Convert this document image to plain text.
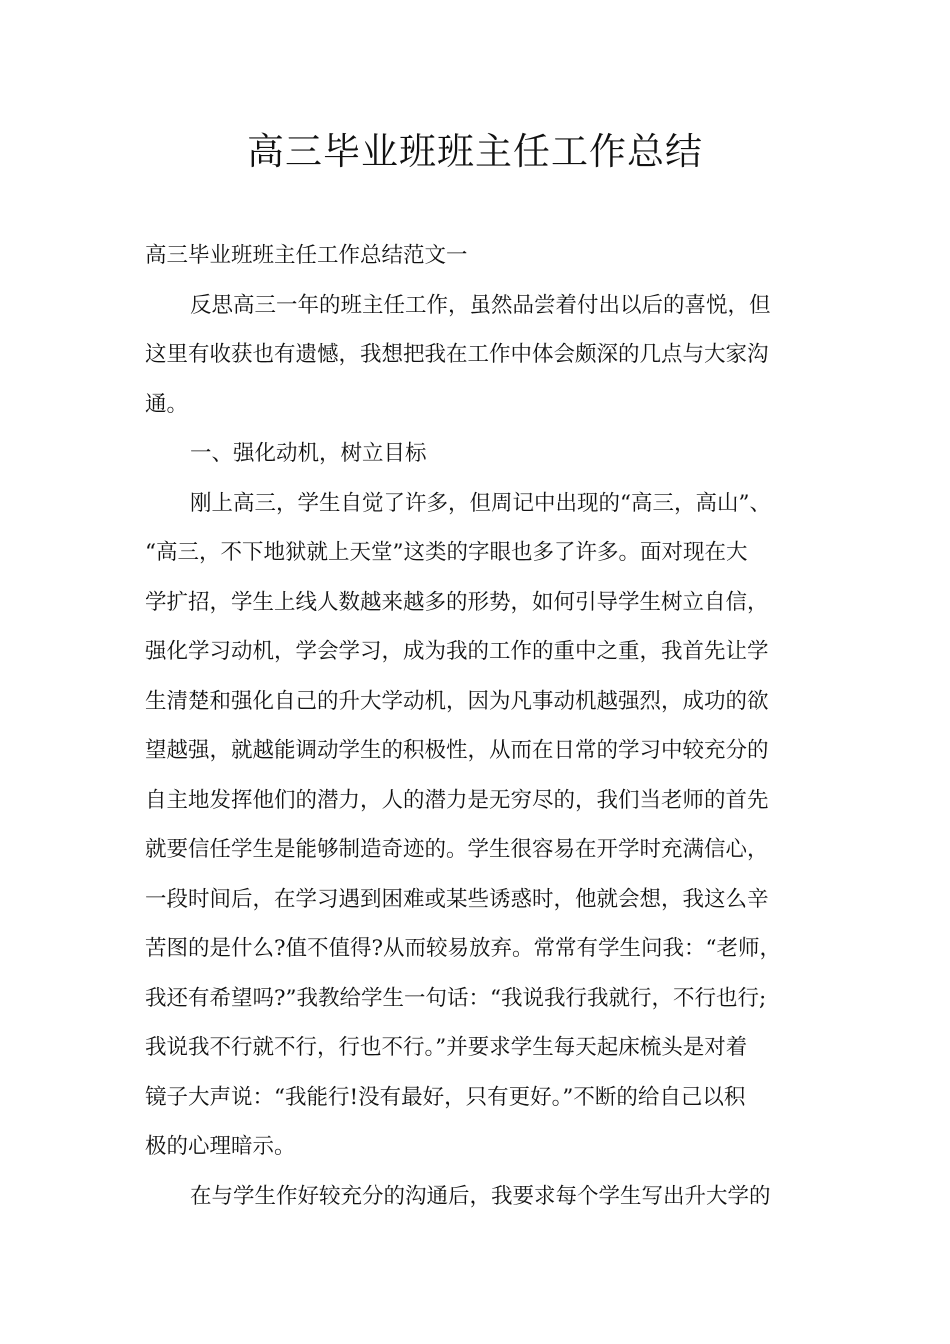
高三毕业班班主任工作总结

高三毕业班班主任工作总结范文一

反思高三一年的班主任工作，虽然品尝着付出以后的喜悦，但

这里有收获也有遗憾，我想把我在工作中体会颇深的几点与大家沟

通。

一、强化动机，树立目标

刚上高三，学生自觉了许多，但周记中出现的“高三，高山”、

“高三，不下地狱就上天堂”这类的字眼也多了许多。面对现在大

学扩招，学生上线人数越来越多的形势，如何引导学生树立自信，

强化学习动机，学会学习，成为我的工作的重中之重，我首先让学

生清楚和强化自己的升大学动机，因为凡事动机越强烈，成功的欲

望越强，就越能调动学生的积极性，从而在日常的学习中较充分的

自主地发挥他们的潜力，人的潜力是无穷尽的，我们当老师的首先

就要信任学生是能够制造奇迹的。学生很容易在开学时充满信心，

一段时间后，在学习遇到困难或某些诱惑时，他就会想，我这么辛

苦图的是什么?值不值得?从而较易放弃。常常有学生问我：“老师，

我还有希望吗?”我教给学生一句话：“我说我行我就行，不行也行;

我说我不行就不行，行也不行。”并要求学生每天起床梳头是对着

镜子大声说：“我能行!没有最好，只有更好。”不断的给自己以积

极的心理暗示。

在与学生作好较充分的沟通后，我要求每个学生写出升大学的
